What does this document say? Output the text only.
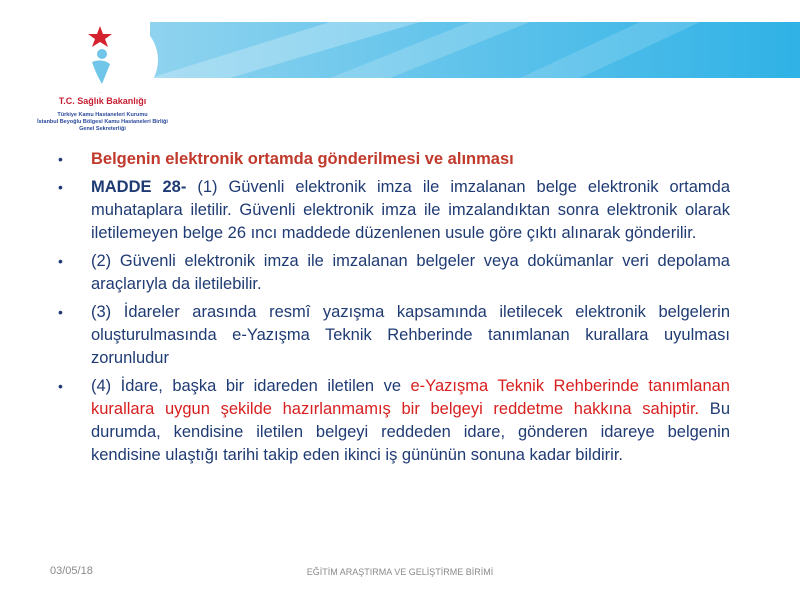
T.C. Sağlık Bakanlığı
Türkiye Kamu Hastaneleri Kurumu
İstanbul Beyoğlu Bölgesi Kamu Hastaneleri Birliği
Genel Sekreterliği
• Belgenin elektronik ortamda gönderilmesi ve alınması
• MADDE 28- (1) Güvenli elektronik imza ile imzalanan belge elektronik ortamda muhataplara iletilir. Güvenli elektronik imza ile imzalandıktan sonra elektronik olarak iletilemeyen belge 26 ıncı maddede düzenlenen usule göre çıktı alınarak gönderilir.
• (2) Güvenli elektronik imza ile imzalanan belgeler veya dokümanlar veri depolama araçlarıyla da iletilebilir.
• (3) İdareler arasında resmî yazışma kapsamında iletilecek elektronik belgelerin oluşturulmasında e-Yazışma Teknik Rehberinde tanımlanan kurallara uyulması zorunludur
• (4) İdare, başka bir idareden iletilen ve e-Yazışma Teknik Rehberinde tanımlanan kurallara uygun şekilde hazırlanmamış bir belgeyi reddetme hakkına sahiptir. Bu durumda, kendisine iletilen belgeyi reddeden idare, gönderen idareye belgenin kendisine ulaştığı tarihi takip eden ikinci iş gününün sonuna kadar bildirir.
03/05/18	EĞİTİM ARAŞTIRMA VE GELİŞTİRME BİRİMİ
